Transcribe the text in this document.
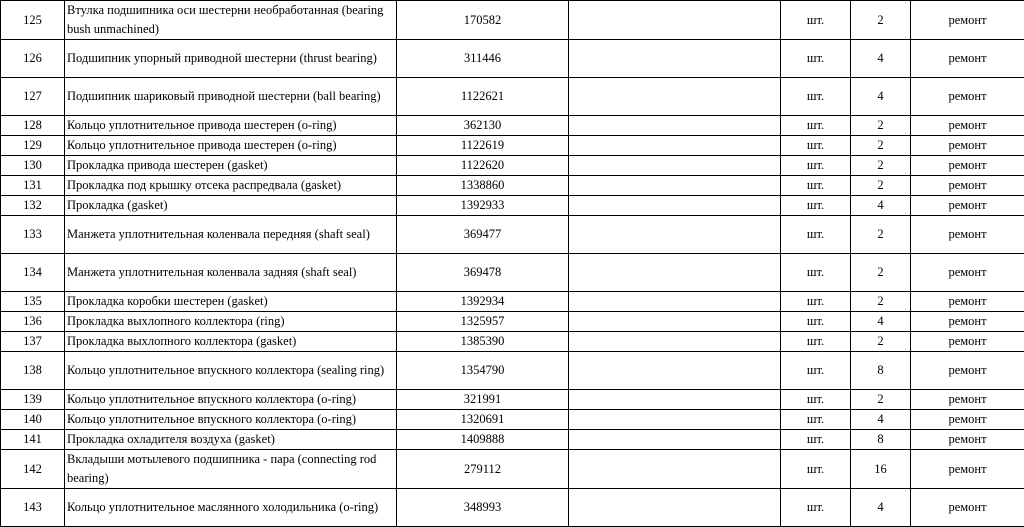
125	Втулка подшипника оси шестерни необработанная (bearing bush unmachined)	170582		шт.	2	ремонт
126	Подшипник упорный приводной шестерни (thrust bearing)	311446		шт.	4	ремонт
127	Подшипник шариковый приводной шестерни (ball bearing)	1122621		шт.	4	ремонт
128	Кольцо уплотнительное привода шестерен (o-ring)	362130		шт.	2	ремонт
129	Кольцо уплотнительное привода шестерен (o-ring)	1122619		шт.	2	ремонт
130	Прокладка привода шестерен (gasket)	1122620		шт.	2	ремонт
131	Прокладка под крышку отсека распредвала (gasket)	1338860		шт.	2	ремонт
132	Прокладка (gasket)	1392933		шт.	4	ремонт
133	Манжета уплотнительная коленвала передняя (shaft seal)	369477		шт.	2	ремонт
134	Манжета уплотнительная коленвала задняя (shaft seal)	369478		шт.	2	ремонт
135	Прокладка коробки шестерен (gasket)	1392934		шт.	2	ремонт
136	Прокладка выхлопного коллектора (ring)	1325957		шт.	4	ремонт
137	Прокладка выхлопного коллектора (gasket)	1385390		шт.	2	ремонт
138	Кольцо уплотнительное впускного коллектора (sealing ring)	1354790		шт.	8	ремонт
139	Кольцо уплотнительное впускного коллектора (o-ring)	321991		шт.	2	ремонт
140	Кольцо уплотнительное впускного коллектора (o-ring)	1320691		шт.	4	ремонт
141	Прокладка охладителя воздуха (gasket)	1409888		шт.	8	ремонт
142	Вкладыши мотылевого подшипника - пара (connecting rod bearing)	279112		шт.	16	ремонт
143	Кольцо уплотнительное маслянного холодильника (o-ring)	348993		шт.	4	ремонт
